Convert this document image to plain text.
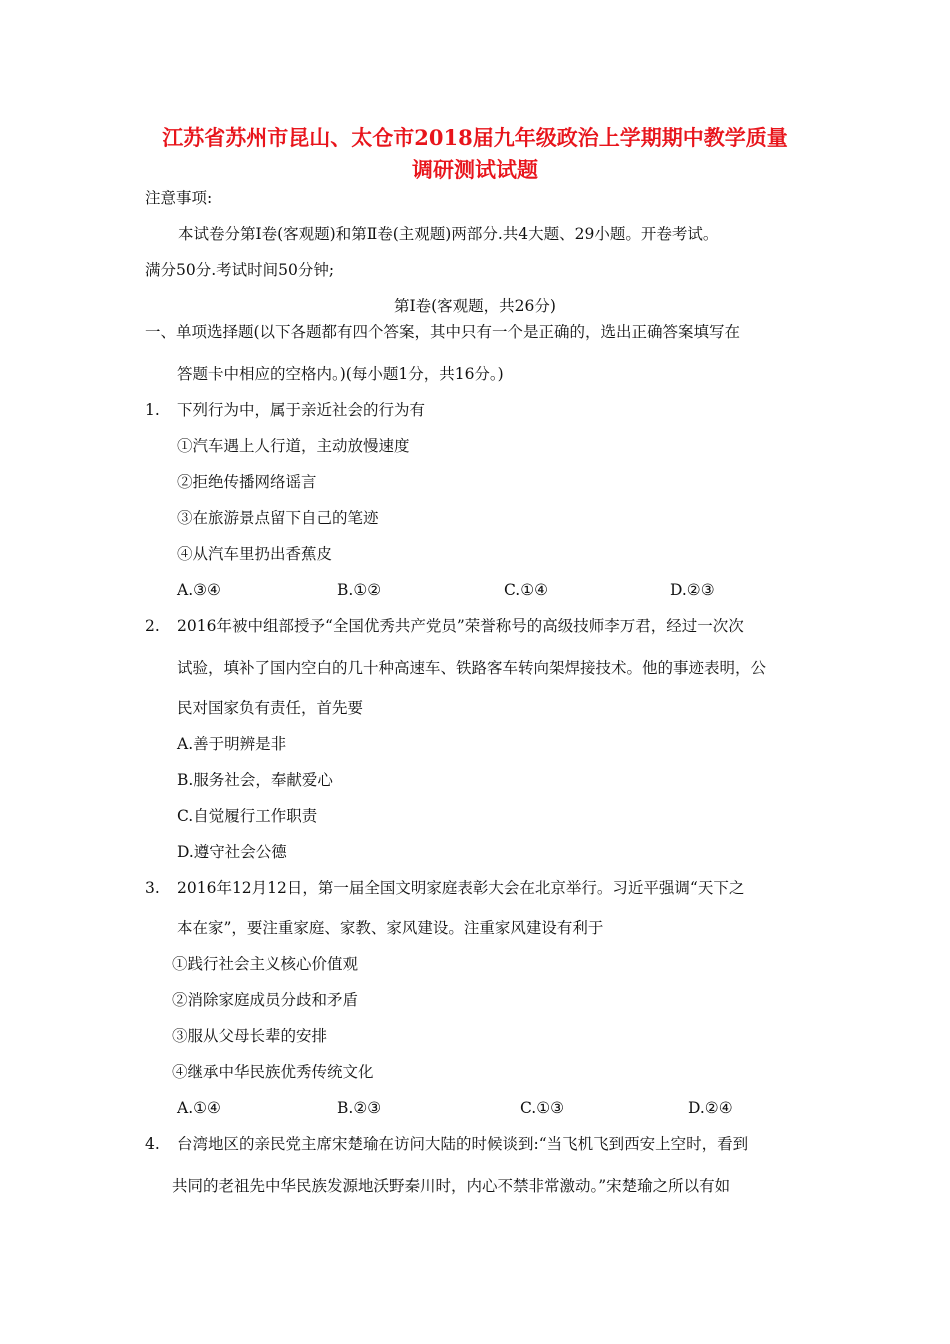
江苏省苏州市昆山、太仓市2018届九年级政治上学期期中教学质量
调研测试试题
注意事项:
本试卷分第Ⅰ卷(客观题)和第Ⅱ卷(主观题)两部分.共4大题、29小题。开卷考试。
满分50分.考试时间50分钟;
第Ⅰ卷(客观题，共26分)
一、单项选择题(以下各题都有四个答案，其中只有一个是正确的，选出正确答案填写在
答题卡中相应的空格内。)(每小题1分，共16分。)
1. 下列行为中，属于亲近社会的行为有
①汽车遇上人行道，主动放慢速度
②拒绝传播网络谣言
③在旅游景点留下自己的笔迹
④从汽车里扔出香蕉皮
A.③④	B.①②	C.①④	D.②③
2. 2016年被中组部授予“全国优秀共产党员”荣誉称号的高级技师李万君，经过一次次
试验，填补了国内空白的几十种高速车、铁路客车转向架焊接技术。他的事迹表明，公
民对国家负有责任，首先要
A.善于明辨是非
B.服务社会，奉献爱心
C.自觉履行工作职责
D.遵守社会公德
3. 2016年12月12日，第一届全国文明家庭表彰大会在北京举行。习近平强调“天下之
本在家”，要注重家庭、家教、家风建设。注重家风建设有利于
①践行社会主义核心价值观
②消除家庭成员分歧和矛盾
③服从父母长辈的安排
④继承中华民族优秀传统文化
A.①④	B.②③	C.①③	D.②④
4. 台湾地区的亲民党主席宋楚瑜在访问大陆的时候谈到:“当飞机飞到西安上空时，看到
共同的老祖先中华民族发源地沃野秦川时，内心不禁非常激动。”宋楚瑜之所以有如
